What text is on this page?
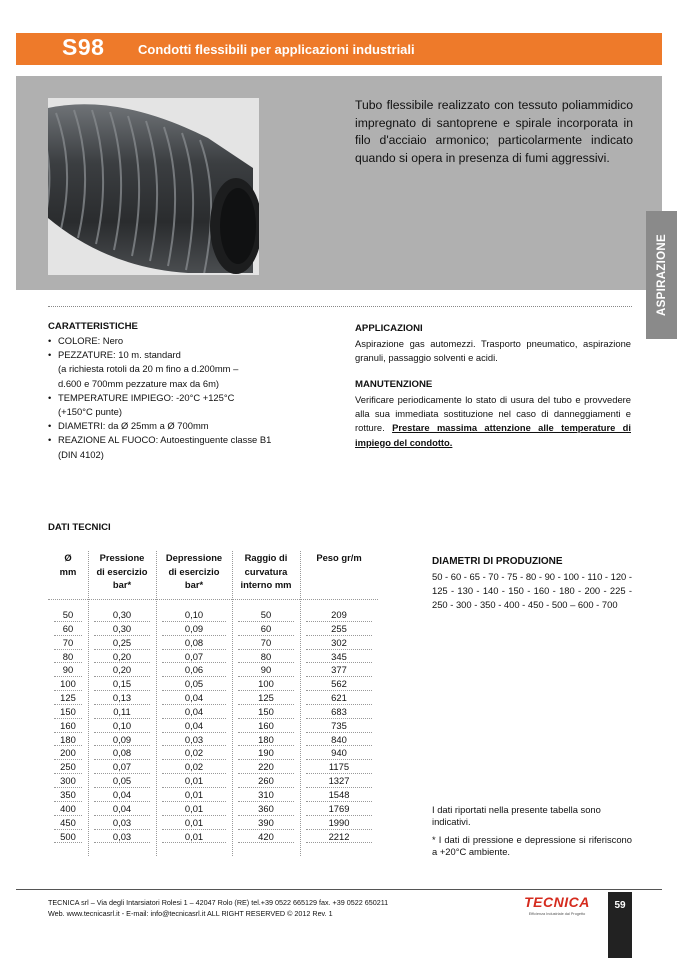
S98	Condotti flessibili per applicazioni industriali
Tubo flessibile realizzato con tessuto poliammidico impregnato di santoprene e spirale incorporata in filo d'acciaio armonico; particolarmente indicato quando si opera in presenza di fumi aggressivi.
ASPIRAZIONE
CARATTERISTICHE
• COLORE: Nero
• PEZZATURE: 10 m. standard
(a richiesta rotoli da 20 m fino a d.200mm –
d.600 e 700mm pezzature max da 6m)
• TEMPERATURE IMPIEGO: -20°C +125°C
(+150°C punte)
• DIAMETRI: da Ø 25mm a Ø 700mm
• REAZIONE AL FUOCO: Autoestinguente classe B1
(DIN 4102)
APPLICAZIONI
Aspirazione gas automezzi. Trasporto pneumatico, aspirazione granuli, passaggio solventi e acidi.
MANUTENZIONE
Verificare periodicamente lo stato di usura del tubo e provvedere alla sua immediata sostituzione nel caso di danneggiamenti e rotture. Prestare massima attenzione alle temperature di impiego del condotto.
DATI TECNICI
Ø
mm
50
60
70
80
90
100
125
150
160
180
200
250
300
350
400
450
500
Pressione
di esercizio
bar*
0,30
0,30
0,25
0,20
0,20
0,15
0,13
0,11
0,10
0,09
0,08
0,07
0,05
0,04
0,04
0,03
0,03
Depressione
di esercizio
bar*
0,10
0,09
0,08
0,07
0,06
0,05
0,04
0,04
0,04
0,03
0,02
0,02
0,01
0,01
0,01
0,01
0,01
Raggio di
curvatura
interno mm
50
60
70
80
90
100
125
150
160
180
190
220
260
310
360
390
420
Peso gr/m
209
255
302
345
377
562
621
683
735
840
940
1175
1327
1548
1769
1990
2212
DIAMETRI DI PRODUZIONE
50 - 60 - 65 - 70 - 75 - 80 - 90 - 100 - 110 - 120 - 125 - 130 - 140 - 150 - 160 - 180 - 200 - 225 - 250 - 300 - 350 - 400 - 450 - 500 – 600 - 700
I dati riportati nella presente tabella sono indicativi.
* I dati di pressione e depressione si riferiscono a +20°C ambiente.
TECNICA srl – Via degli Intarsiatori Rolesi 1 – 42047 Rolo (RE) tel.+39 0522 665129 fax. +39 0522 650211
Web. www.tecnicasrl.it - E-mail: info@tecnicasrl.it ALL RIGHT RESERVED © 2012 Rev. 1
TECNICA
Efficienza Industriale dal Progetto
59
